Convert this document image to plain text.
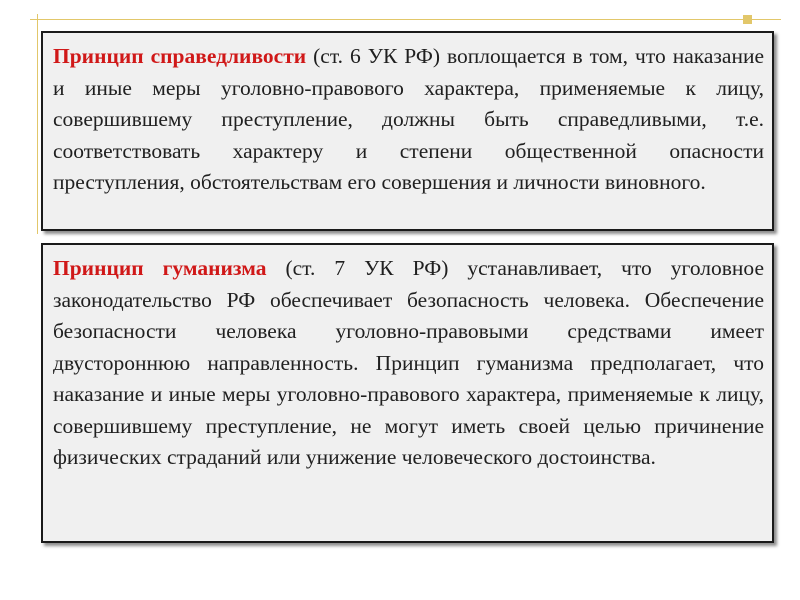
Принцип справедливости (ст. 6 УК РФ) воплощается в том, что наказание и иные меры уголовно-правового характера, применяемые к лицу, совершившему преступление, должны быть справедливыми, т.е. соответствовать характеру и степени общественной опасности преступления, обстоятельствам его совершения и личности виновного.
Принцип гуманизма (ст. 7 УК РФ) устанавливает, что уголовное законодательство РФ обеспечивает безопасность человека. Обеспечение безопасности человека уголовно-правовыми средствами имеет двустороннюю направленность. Принцип гуманизма предполагает, что наказание и иные меры уголовно-правового характера, применяемые к лицу, совершившему преступление, не могут иметь своей целью причинение физических страданий или унижение человеческого достоинства.
